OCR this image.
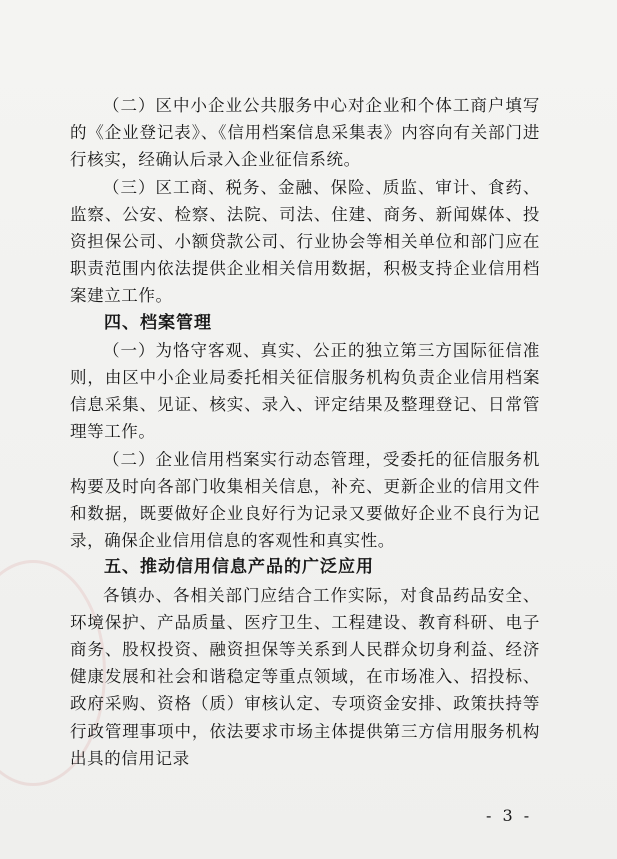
（二）区中小企业公共服务中心对企业和个体工商户填写的《企业登记表》、《信用档案信息采集表》内容向有关部门进行核实，经确认后录入企业征信系统。

（三）区工商、税务、金融、保险、质监、审计、食药、监察、公安、检察、法院、司法、住建、商务、新闻媒体、投资担保公司、小额贷款公司、行业协会等相关单位和部门应在职责范围内依法提供企业相关信用数据，积极支持企业信用档案建立工作。

四、档案管理

（一）为恪守客观、真实、公正的独立第三方国际征信准则，由区中小企业局委托相关征信服务机构负责企业信用档案信息采集、见证、核实、录入、评定结果及整理登记、日常管理等工作。

（二）企业信用档案实行动态管理，受委托的征信服务机构要及时向各部门收集相关信息，补充、更新企业的信用文件和数据，既要做好企业良好行为记录又要做好企业不良行为记录，确保企业信用信息的客观性和真实性。

五、推动信用信息产品的广泛应用

各镇办、各相关部门应结合工作实际，对食品药品安全、环境保护、产品质量、医疗卫生、工程建设、教育科研、电子商务、股权投资、融资担保等关系到人民群众切身利益、经济健康发展和社会和谐稳定等重点领域，在市场准入、招投标、政府采购、资格（质）审核认定、专项资金安排、政策扶持等行政管理事项中，依法要求市场主体提供第三方信用服务机构出具的信用记录

- 3 -
